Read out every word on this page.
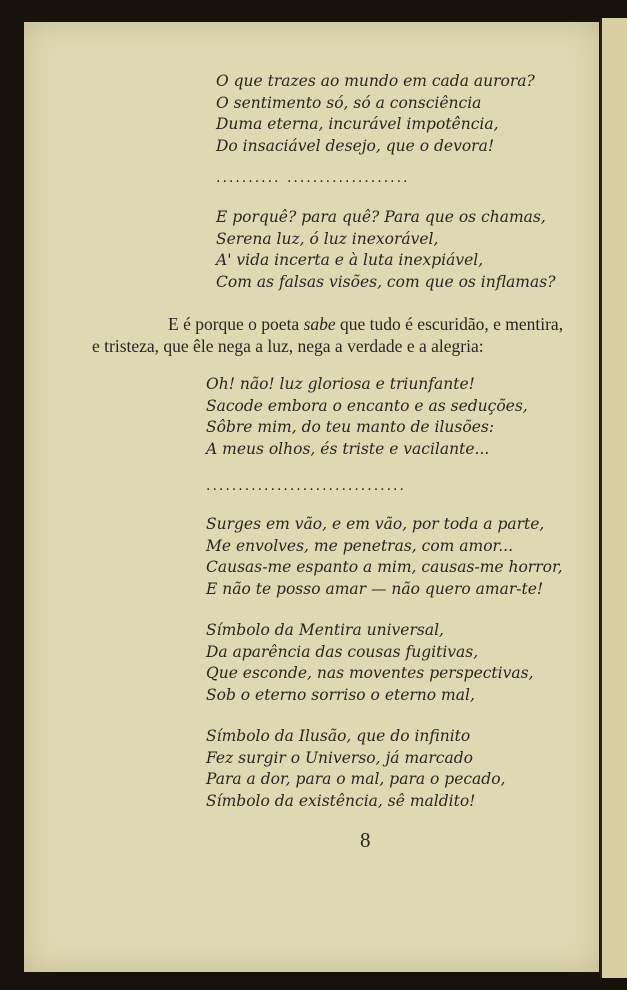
O que trazes ao mundo em cada aurora?
O sentimento só, só a consciência
Duma eterna, incurável impotência,
Do insaciável desejo, que o devora!
.......... ...................
E porquê? para quê? Para que os chamas,
Serena luz, ó luz inexorável,
A' vida incerta e à luta inexpiável,
Com as falsas visões, com que os inflamas?

E é porque o poeta sabe que tudo é escuridão, e mentira,

e tristeza, que êle nega a luz, nega a verdade e a alegria:

Oh! não! luz gloriosa e triunfante!
Sacode embora o encanto e as seduções,
Sôbre mim, do teu manto de ilusões:
A meus olhos, és triste e vacilante...
...............................
Surges em vão, e em vão, por toda a parte,
Me envolves, me penetras, com amor...
Causas-me espanto a mim, causas-me horror,
E não te posso amar — não quero amar-te!
Símbolo da Mentira universal,
Da aparência das cousas fugitivas,
Que esconde, nas moventes perspectivas,
Sob o eterno sorriso o eterno mal,
Símbolo da Ilusão, que do infinito
Fez surgir o Universo, já marcado
Para a dor, para o mal, para o pecado,
Símbolo da existência, sê maldito!
8
